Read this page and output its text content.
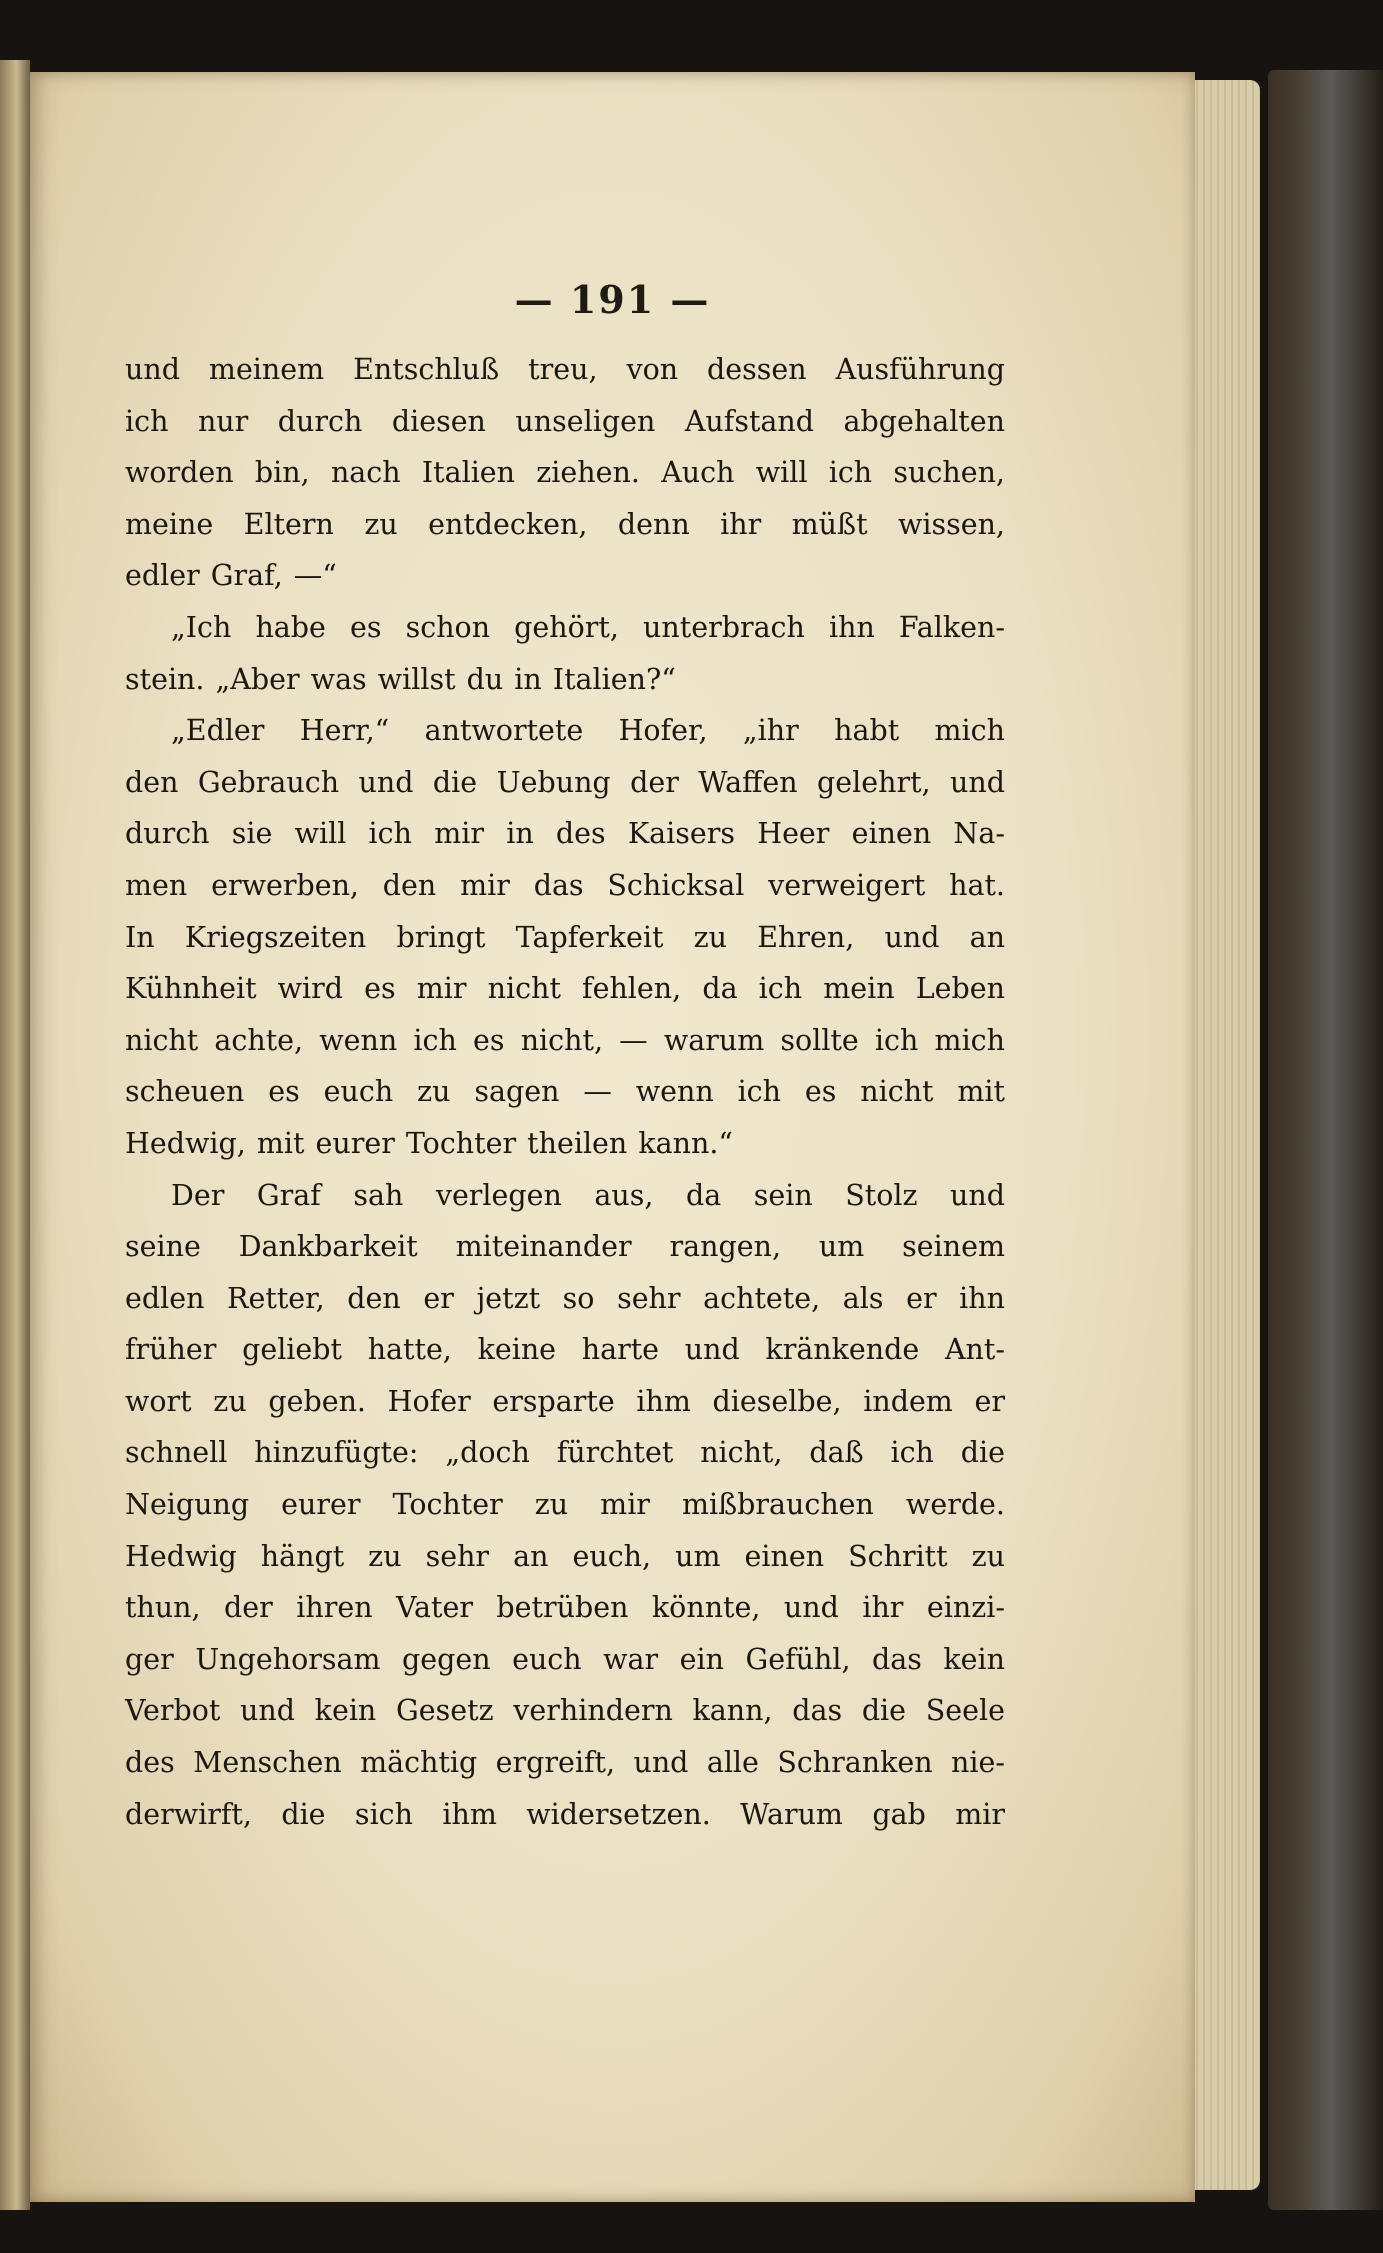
— 191 —
und meinem Entschluß treu, von dessen Ausführung
ich nur durch diesen unseligen Aufstand abgehalten
worden bin, nach Italien ziehen. Auch will ich suchen,
meine Eltern zu entdecken, denn ihr müßt wissen,
edler Graf, —“
„Ich habe es schon gehört, unterbrach ihn Falken-
stein. „Aber was willst du in Italien?“
„Edler Herr,“ antwortete Hofer, „ihr habt mich
den Gebrauch und die Uebung der Waffen gelehrt, und
durch sie will ich mir in des Kaisers Heer einen Na-
men erwerben, den mir das Schicksal verweigert hat.
In Kriegszeiten bringt Tapferkeit zu Ehren, und an
Kühnheit wird es mir nicht fehlen, da ich mein Leben
nicht achte, wenn ich es nicht, — warum sollte ich mich
scheuen es euch zu sagen — wenn ich es nicht mit
Hedwig, mit eurer Tochter theilen kann.“
Der Graf sah verlegen aus, da sein Stolz und
seine Dankbarkeit miteinander rangen, um seinem
edlen Retter, den er jetzt so sehr achtete, als er ihn
früher geliebt hatte, keine harte und kränkende Ant-
wort zu geben. Hofer ersparte ihm dieselbe, indem er
schnell hinzufügte: „doch fürchtet nicht, daß ich die
Neigung eurer Tochter zu mir mißbrauchen werde.
Hedwig hängt zu sehr an euch, um einen Schritt zu
thun, der ihren Vater betrüben könnte, und ihr einzi-
ger Ungehorsam gegen euch war ein Gefühl, das kein
Verbot und kein Gesetz verhindern kann, das die Seele
des Menschen mächtig ergreift, und alle Schranken nie-
derwirft, die sich ihm widersetzen. Warum gab mir
